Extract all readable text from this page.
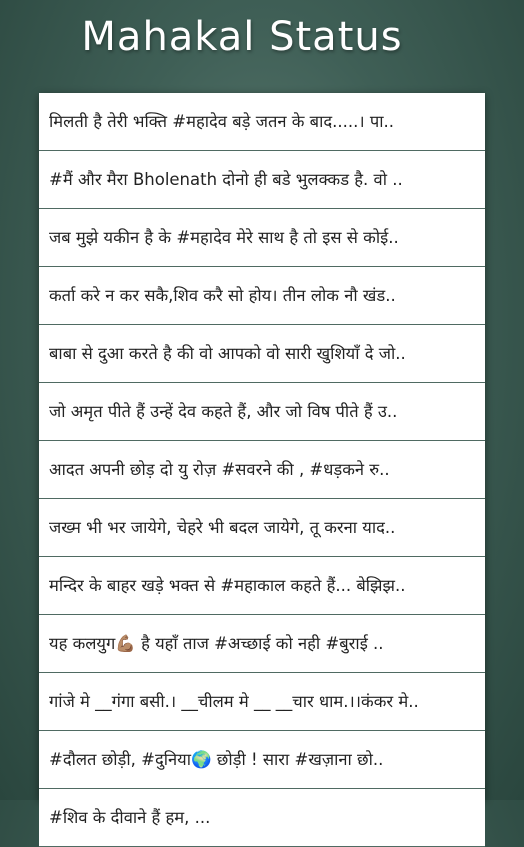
Mahakal Status
मिलती है तेरी भक्ति #महादेव बड़े जतन के बाद.....। पा..
#मैं और मैरा Bholenath दोनो ही बडे भुलक्कड है. वो ..
जब मुझे यकीन है के #महादेव मेरे साथ है तो इस से कोई..
कर्ता करे न कर सकै,शिव करै सो होय। तीन लोक नौ खंड..
बाबा से दुआ करते है की वो आपको वो सारी खुशियाँ दे जो..
जो अमृत पीते हैं उन्हें देव कहते हैं, और जो विष पीते हैं उ..
आदत अपनी छोड़ दो यु रोज़ #सवरने की , #धड़कने रु..
जख्म भी भर जायेगे, चेहरे भी बदल जायेगे, तू करना याद..
मन्दिर के बाहर खड़े भक्त से #महाकाल कहते हैं... बेझिझ..
यह कलयुग💪🏽 है यहाँ ताज #अच्छाई को नही #बुराई ..
गांजे मे __गंगा बसी.। __चीलम मे __ __चार धाम.।।कंकर मे..
#दौलत छोड़ी, #दुनिया🌍 छोड़ी ! सारा #खज़ाना छो..
#शिव के दीवाने हैं हम, ...
